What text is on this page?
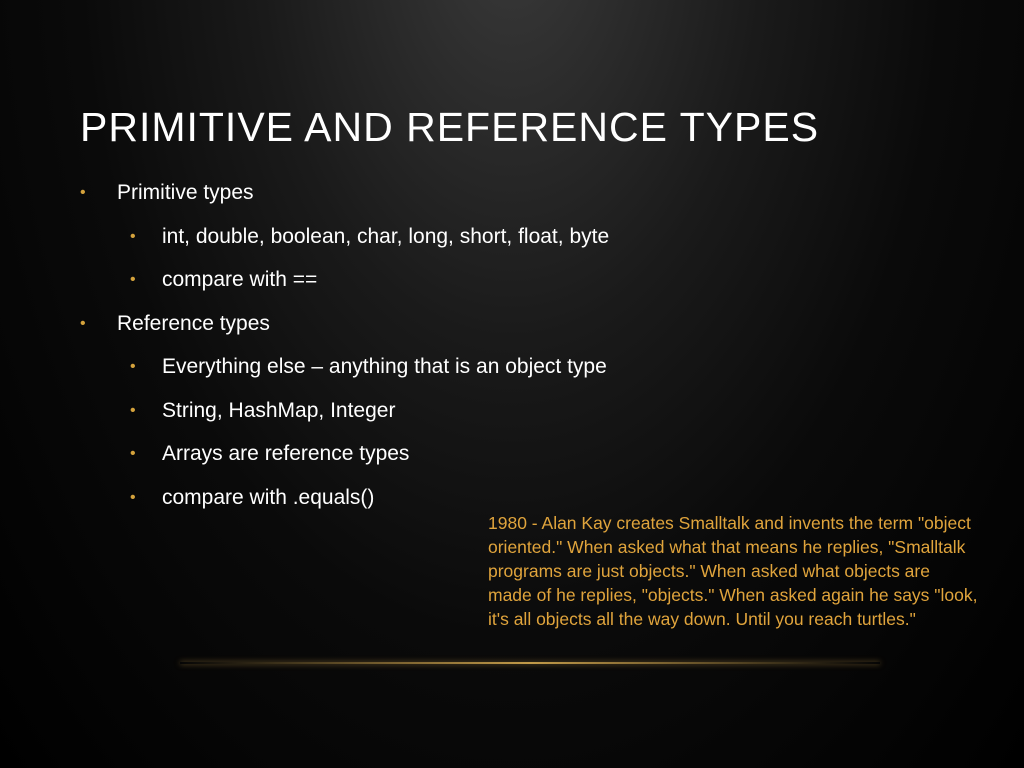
PRIMITIVE AND REFERENCE TYPES
• Primitive types
• int, double, boolean, char, long, short, float, byte
• compare with ==
• Reference types
• Everything else – anything that is an object type
• String, HashMap, Integer
• Arrays are reference types
• compare with .equals()

1980 - Alan Kay creates Smalltalk and invents the term "object oriented." When asked what that means he replies, "Smalltalk programs are just objects." When asked what objects are made of he replies, "objects." When asked again he says "look, it's all objects all the way down. Until you reach turtles."
